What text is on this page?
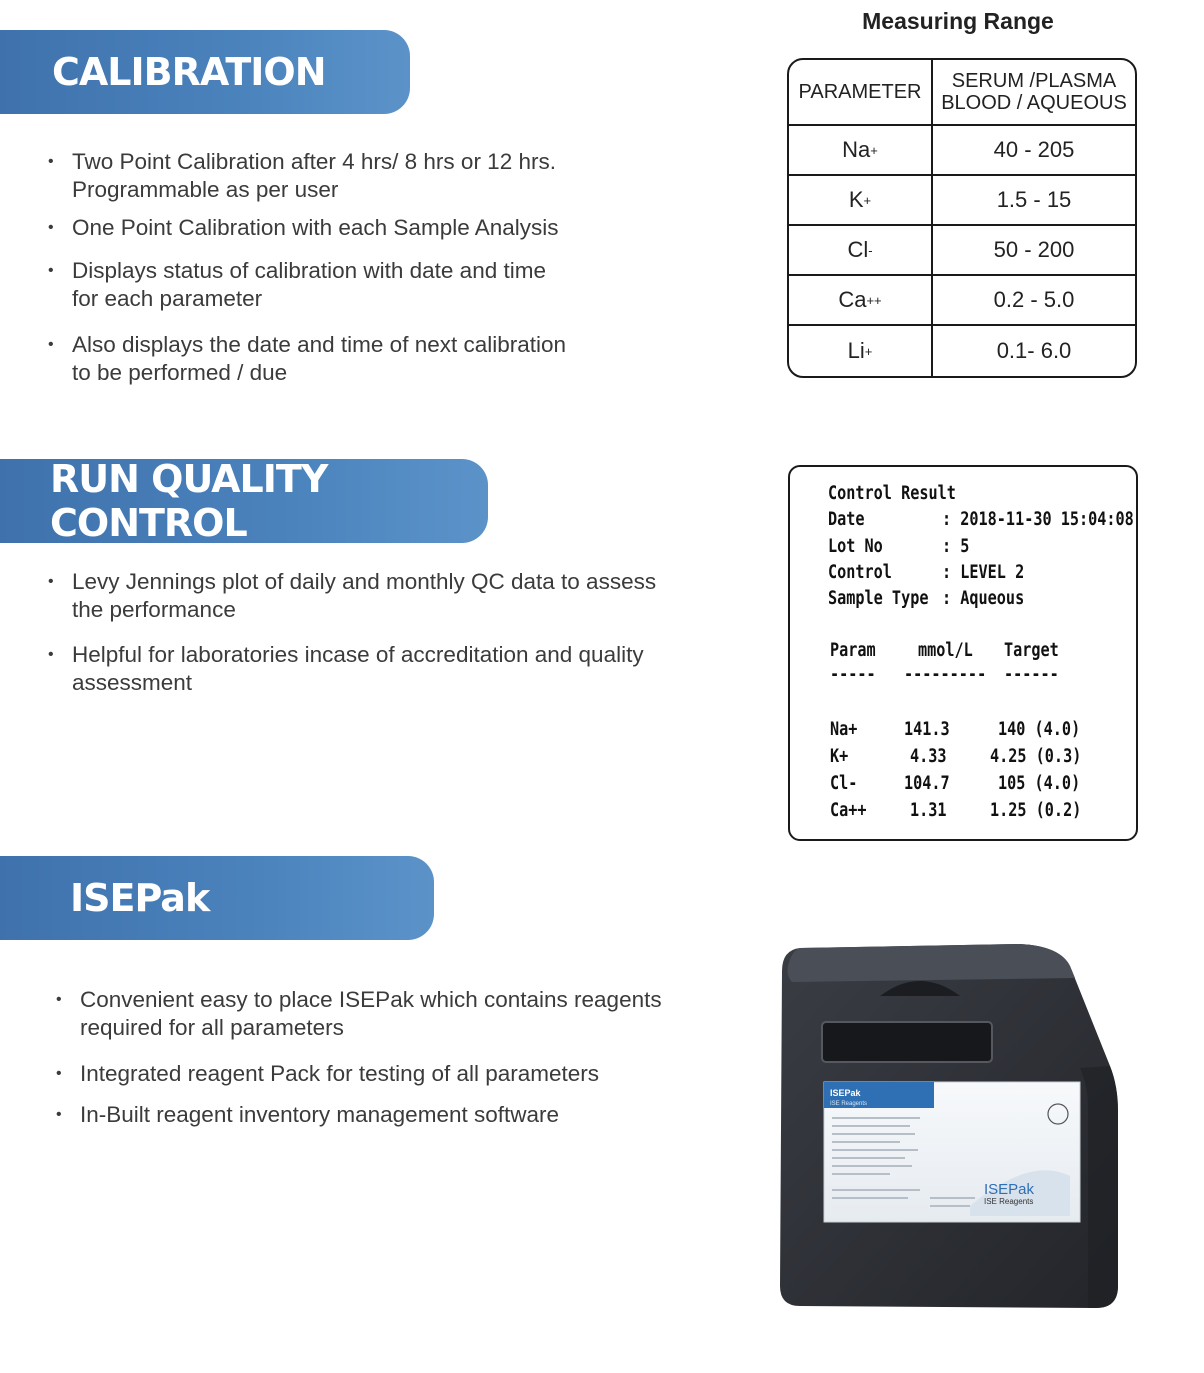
CALIBRATION
• Two Point Calibration after 4 hrs/ 8 hrs or 12 hrs.
Programmable as per user
• One Point Calibration with each Sample Analysis
• Displays status of calibration with date and time
for each parameter
• Also displays the date and time of next calibration
to be performed / due
Measuring Range
PARAMETER	SERUM /PLASMA
BLOOD / AQUEOUS
Na +	40 - 205
K +	1.5 - 15
Cl -	50 - 200
Ca ++	0.2 - 5.0
Li +	0.1- 6.0
RUN QUALITY CONTROL
• Levy Jennings plot of daily and monthly QC data to assess
the performance
• Helpful for laboratories incase of accreditation and quality
assessment
Control Result
Date	: 2018-11-30 15:04:08
Lot No	: 5
Control	: LEVEL 2
Sample Type : Aqueous
Param mmol/L Target
----- --------- ------
Na+	141.3	140 (4.0)
K+	4.33 4.25 (0.3)
Cl-	104.7	105 (4.0)
Ca++ 1.31 1.25 (0.2)
ISEPak
• Convenient easy to place ISEPak which contains reagents
required for all parameters
• Integrated reagent Pack for testing of all parameters
• In-Built reagent inventory management software
ISEPak
ISE Reagents
ISEPak
ISE Reagents
